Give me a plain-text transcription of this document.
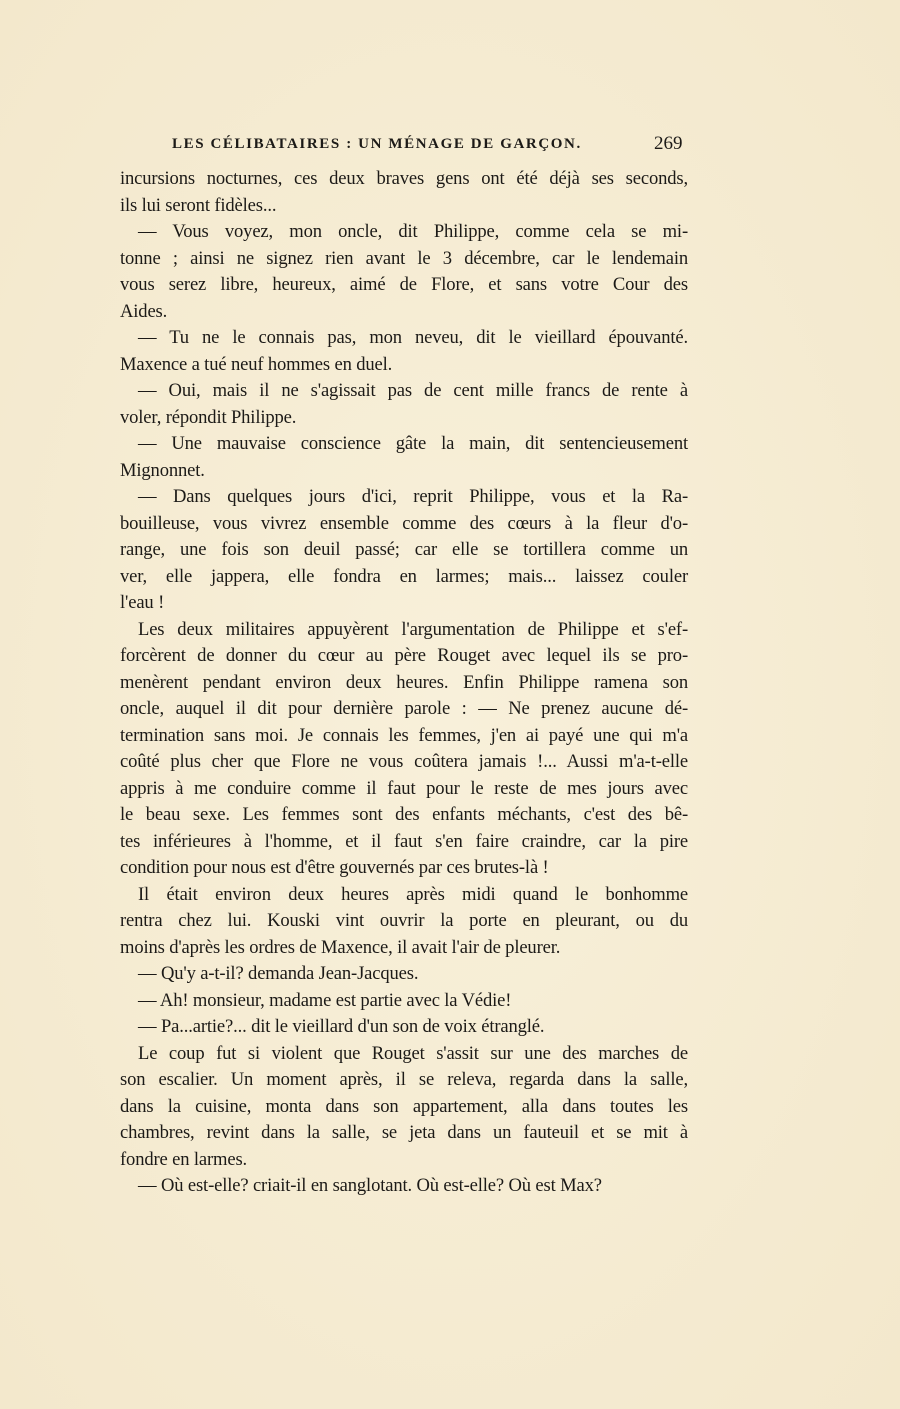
LES CÉLIBATAIRES : UN MÉNAGE DE GARÇON.	269
incursions nocturnes, ces deux braves gens ont été déjà ses seconds,
ils lui seront fidèles...
— Vous voyez, mon oncle, dit Philippe, comme cela se mi-
tonne ; ainsi ne signez rien avant le 3 décembre, car le lendemain
vous serez libre, heureux, aimé de Flore, et sans votre Cour des
Aides.
— Tu ne le connais pas, mon neveu, dit le vieillard épouvanté.
Maxence a tué neuf hommes en duel.
— Oui, mais il ne s'agissait pas de cent mille francs de rente à
voler, répondit Philippe.
— Une mauvaise conscience gâte la main, dit sentencieusement
Mignonnet.
— Dans quelques jours d'ici, reprit Philippe, vous et la Ra-
bouilleuse, vous vivrez ensemble comme des cœurs à la fleur d'o-
range, une fois son deuil passé; car elle se tortillera comme un
ver, elle jappera, elle fondra en larmes; mais... laissez couler
l'eau !
Les deux militaires appuyèrent l'argumentation de Philippe et s'ef-
forcèrent de donner du cœur au père Rouget avec lequel ils se pro-
menèrent pendant environ deux heures. Enfin Philippe ramena son
oncle, auquel il dit pour dernière parole : — Ne prenez aucune dé-
termination sans moi. Je connais les femmes, j'en ai payé une qui m'a
coûté plus cher que Flore ne vous coûtera jamais !... Aussi m'a-t-elle
appris à me conduire comme il faut pour le reste de mes jours avec
le beau sexe. Les femmes sont des enfants méchants, c'est des bê-
tes inférieures à l'homme, et il faut s'en faire craindre, car la pire
condition pour nous est d'être gouvernés par ces brutes-là !
Il était environ deux heures après midi quand le bonhomme
rentra chez lui. Kouski vint ouvrir la porte en pleurant, ou du
moins d'après les ordres de Maxence, il avait l'air de pleurer.
— Qu'y a-t-il? demanda Jean-Jacques.
— Ah! monsieur, madame est partie avec la Védie!
— Pa...artie?... dit le vieillard d'un son de voix étranglé.
Le coup fut si violent que Rouget s'assit sur une des marches de
son escalier. Un moment après, il se releva, regarda dans la salle,
dans la cuisine, monta dans son appartement, alla dans toutes les
chambres, revint dans la salle, se jeta dans un fauteuil et se mit à
fondre en larmes.
— Où est-elle? criait-il en sanglotant. Où est-elle? Où est Max?
